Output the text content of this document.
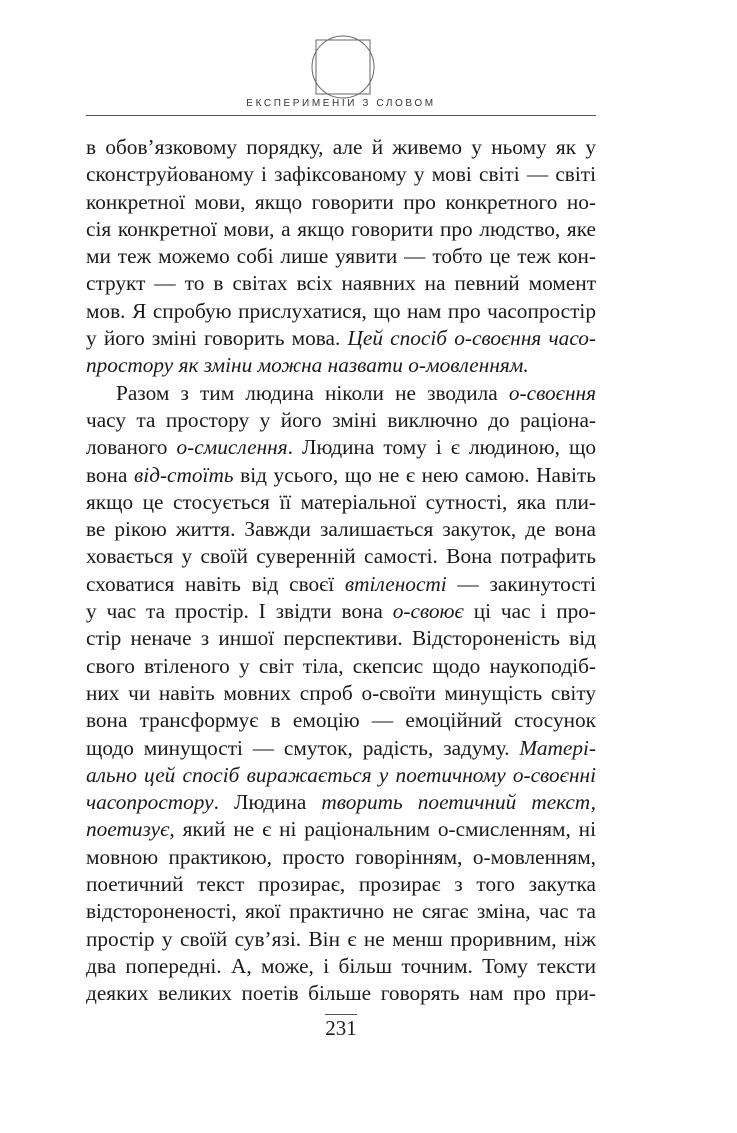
ЕКСПЕРИМЕНІИ З СЛОВОМ
в обов’язковому порядку, але й живемо у ньому як у
сконструйованому і зафіксованому у мові світі — світі
конкретної мови, якщо говорити про конкретного но-
сія конкретної мови, а якщо говорити про людство, яке
ми теж можемо собі лише уявити — тобто це теж кон-
структ — то в світах всіх наявних на певний момент
мов. Я спробую прислухатися, що нам про часопростір
у його зміні говорить мова. Цей спосіб о-своєння часо-
простору як зміни можна назвати о-мовленням.
Разом з тим людина ніколи не зводила о-своєння
часу та простору у його зміні виключно до раціона-
лованого о-смислення. Людина тому і є людиною, що
вона від-стоїть від усього, що не є нею самою. Навіть
якщо це стосується її матеріальної сутності, яка пли-
ве рікою життя. Завжди залишається закуток, де вона
ховається у своїй суверенній самості. Вона потрафить
сховатися навіть від своєї втіленості — закинутості
у час та простір. І звідти вона о-своює ці час і про-
стір неначе з иншої перспективи. Відстороненість від
свого втіленого у світ тіла, скепсис щодо наукоподіб-
них чи навіть мовних спроб о-своїти минущість світу
вона трансформує в емоцію — емоційний стосунок
щодо минущості — смуток, радість, задуму. Матері-
ально цей спосіб виражається у поетичному о-своєнні
часопростору. Людина творить поетичний текст,
поетизує, який не є ні раціональним о-смисленням, ні
мовною практикою, просто говорінням, о-мовленням,
поетичний текст прозирає, прозирає з того закутка
відстороненості, якої практично не сягає зміна, час та
простір у своїй сув’язі. Він є не менш проривним, ніж
два попередні. А, може, і більш точним. Тому тексти
деяких великих поетів більше говорять нам про при-
231
